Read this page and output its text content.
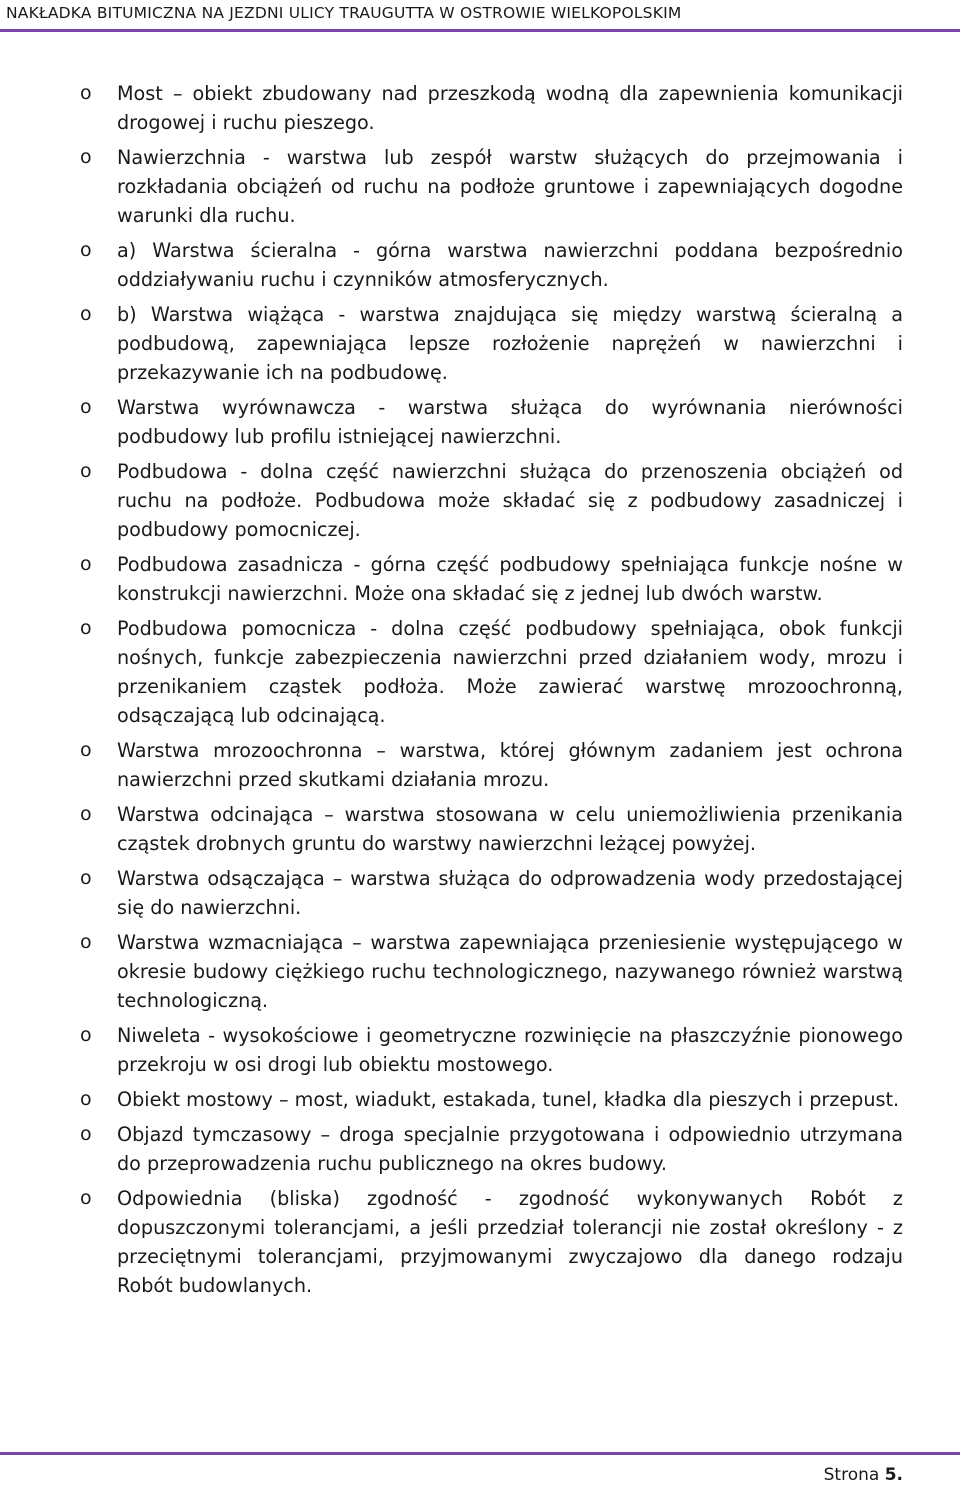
NAKŁADKA BITUMICZNA NA JEZDNI ULICY TRAUGUTTA W OSTROWIE WIELKOPOLSKIM
o Most – obiekt zbudowany nad przeszkodą wodną dla zapewnienia komunikacji drogowej i ruchu pieszego.
o Nawierzchnia - warstwa lub zespół warstw służących do przejmowania i rozkładania obciążeń od ruchu na podłoże gruntowe i zapewniających dogodne warunki dla ruchu.
o a) Warstwa ścieralna - górna warstwa nawierzchni poddana bezpośrednio oddziaływaniu ruchu i czynników atmosferycznych.
o b) Warstwa wiążąca - warstwa znajdująca się między warstwą ścieralną a podbudową, zapewniająca lepsze rozłożenie naprężeń w nawierzchni i przekazywanie ich na podbudowę.
o Warstwa wyrównawcza - warstwa służąca do wyrównania nierówności podbudowy lub profilu istniejącej nawierzchni.
o Podbudowa - dolna część nawierzchni służąca do przenoszenia obciążeń od ruchu na podłoże. Podbudowa może składać się z podbudowy zasadniczej i podbudowy pomocniczej.
o Podbudowa zasadnicza - górna część podbudowy spełniająca funkcje nośne w konstrukcji nawierzchni. Może ona składać się z jednej lub dwóch warstw.
o Podbudowa pomocnicza - dolna część podbudowy spełniająca, obok funkcji nośnych, funkcje zabezpieczenia nawierzchni przed działaniem wody, mrozu i przenikaniem cząstek podłoża. Może zawierać warstwę mrozoochronną, odsączającą lub odcinającą.
o Warstwa mrozoochronna – warstwa, której głównym zadaniem jest ochrona nawierzchni przed skutkami działania mrozu.
o Warstwa odcinająca – warstwa stosowana w celu uniemożliwienia przenikania cząstek drobnych gruntu do warstwy nawierzchni leżącej powyżej.
o Warstwa odsączająca – warstwa służąca do odprowadzenia wody przedostającej się do nawierzchni.
o Warstwa wzmacniająca – warstwa zapewniająca przeniesienie występującego w okresie budowy ciężkiego ruchu technologicznego, nazywanego również warstwą technologiczną.
o Niweleta - wysokościowe i geometryczne rozwinięcie na płaszczyźnie pionowego przekroju w osi drogi lub obiektu mostowego.
o Obiekt mostowy – most, wiadukt, estakada, tunel, kładka dla pieszych i przepust.
o Objazd tymczasowy – droga specjalnie przygotowana i odpowiednio utrzymana do przeprowadzenia ruchu publicznego na okres budowy.
o Odpowiednia (bliska) zgodność - zgodność wykonywanych Robót z dopuszczonymi tolerancjami, a jeśli przedział tolerancji nie został określony - z przeciętnymi tolerancjami, przyjmowanymi zwyczajowo dla danego rodzaju Robót budowlanych.
Strona 5.
